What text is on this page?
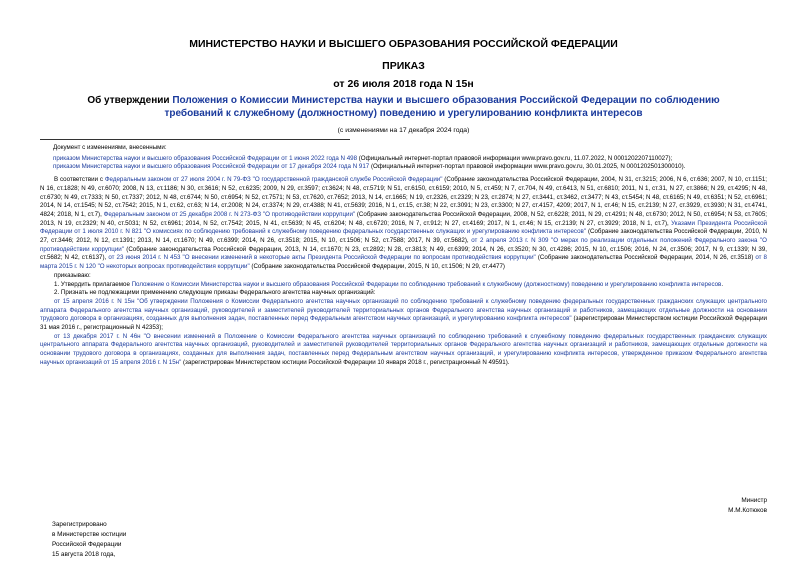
МИНИСТЕРСТВО НАУКИ И ВЫСШЕГО ОБРАЗОВАНИЯ РОССИЙСКОЙ ФЕДЕРАЦИИ
ПРИКАЗ
от 26 июля 2018 года N 15н
Об утверждении Положения о Комиссии Министерства науки и высшего образования Российской Федерации по соблюдению требований к служебному (должностному) поведению и урегулированию конфликта интересов
(с изменениями на 17 декабря 2024 года)

Документ с изменениями, внесенными:

приказом Министерства науки и высшего образования Российской Федерации от 1 июня 2022 года N 498 (Официальный интернет-портал правовой информации www.pravo.gov.ru, 11.07.2022, N 0001202207110027);

приказом Министерства науки и высшего образования Российской Федерации от 17 декабря 2024 года N 917 (Официальный интернет-портал правовой информации www.pravo.gov.ru, 30.01.2025, N 0001202501300010).

В соответствии с Федеральным законом от 27 июля 2004 г. N 79-ФЗ "О государственной гражданской службе Российской Федерации" (Собрание законодательства Российской Федерации, 2004, N 31, ст.3215; 2006, N 6, ст.636; 2007, N 10, ст.1151; N 16, ст.1828; N 49, ст.6070; 2008, N 13, ст.1186; N 30, ст.3616; N 52, ст.6235; 2009, N 29, ст.3597; ст.3624; N 48, ст.5719; N 51, ст.6150, ст.6159; 2010, N 5, ст.459; N 7, ст.704, N 49, ст.6413, N 51, ст.6810; 2011, N 1, ст.31, N 27, ст.3866; N 29, ст.4295; N 48, ст.6730; N 49, ст.7333; N 50, ст.7337; 2012, N 48, ст.6744; N 50, ст.6954; N 52, ст.7571; N 53, ст.7620, ст.7652; 2013, N 14, ст.1665; N 19, ст.2326, ст.2329; N 23, ст.2874; N 27, ст.3441, ст.3462, ст.3477; N 43, ст.5454; N 48, ст.6165; N 49, ст.6351; N 52, ст.6961; 2014, N 14, ст.1545; N 52, ст.7542; 2015, N 1, ст.62, ст.63; N 14, ст.2008; N 24, ст.3374; N 29, ст.4388; N 41, ст.5639; 2016, N 1, ст.15, ст.38; N 22, ст.3091; N 23, ст.3300; N 27, ст.4157, 4209; 2017, N 1, ст.46; N 15, ст.2139; N 27, ст.3929, ст.3930; N 31, ст.4741, 4824; 2018, N 1, ст.7), Федеральным законом от 25 декабря 2008 г. N 273-ФЗ "О противодействии коррупции" (Собрание законодательства Российской Федерации, 2008, N 52, ст.6228; 2011, N 29, ст.4291; N 48, ст.6730; 2012, N 50, ст.6954; N 53, ст.7605; 2013, N 19, ст.2329; N 40, ст.5031; N 52, ст.6961; 2014, N 52, ст.7542; 2015, N 41, ст.5639; N 45, ст.6204; N 48, ст.6720; 2016, N 7, ст.912; N 27, ст.4169; 2017, N 1, ст.46; N 15, ст.2139; N 27, ст.3929; 2018, N 1, ст.7), Указами Президента Российской Федерации от 1 июля 2010 г. N 821 "О комиссиях по соблюдению требований к служебному поведению федеральных государственных служащих и урегулированию конфликта интересов" (Собрание законодательства Российской Федерации, 2010, N 27, ст.3446; 2012, N 12, ст.1391; 2013, N 14, ст.1670; N 49, ст.6399; 2014, N 26, ст.3518; 2015, N 10, ст.1506; N 52, ст.7588; 2017, N 39, ст.5682), от 2 апреля 2013 г. N 309 "О мерах по реализации отдельных положений Федерального закона "О противодействии коррупции" (Собрание законодательства Российской Федерации, 2013, N 14, ст.1670; N 23, ст.2892; N 28, ст.3813; N 49, ст.6399; 2014, N 26, ст.3520; N 30, ст.4286; 2015, N 10, ст.1506; 2016, N 24, ст.3506; 2017, N 9, ст.1339; N 39, ст.5682; N 42, ст.6137), от 23 июня 2014 г. N 453 "О внесении изменений в некоторые акты Президента Российской Федерации по вопросам противодействия коррупции" (Собрание законодательства Российской Федерации, 2014, N 26, ст.3518) от 8 марта 2015 г. N 120 "О некоторых вопросах противодействия коррупции" (Собрание законодательства Российской Федерации, 2015, N 10, ст.1506; N 29, ст.4477)

приказываю:

1. Утвердить прилагаемое Положение о Комиссии Министерства науки и высшего образования Российской Федерации по соблюдению требований к служебному (должностному) поведению и урегулированию конфликта интересов.

2. Признать не подлежащими применению следующие приказы Федерального агентства научных организаций:

от 15 апреля 2016 г. N 15н "Об утверждении Положения о Комиссии Федерального агентства научных организаций по соблюдению требований к служебному поведению федеральных государственных гражданских служащих центрального аппарата Федерального агентства научных организаций, руководителей и заместителей руководителей территориальных органов Федерального агентства научных организаций и работников, замещающих отдельные должности на основании трудового договора в организациях, созданных для выполнения задач, поставленных перед Федеральным агентством научных организаций, и урегулированию конфликта интересов" (зарегистрирован Министерством юстиции Российской Федерации 31 мая 2016 г., регистрационный N 42353);

от 13 декабря 2017 г. N 46н "О внесении изменений в Положение о Комиссии Федерального агентства научных организаций по соблюдению требований к служебному поведению федеральных государственных гражданских служащих центрального аппарата Федерального агентства научных организаций, руководителей и заместителей руководителей территориальных органов Федерального агентства научных организаций и работников, замещающих отдельные должности на основании трудового договора в организациях, созданных для выполнения задач, поставленных перед Федеральным агентством научных организаций, и урегулированию конфликта интересов, утвержденное приказом Федерального агентства научных организаций от 15 апреля 2016 г. N 15н" (зарегистрирован Министерством юстиции Российской Федерации 10 января 2018 г., регистрационный N 49591).

Министр
М.М.Котюков
Зарегистрировано
в Министерстве юстиции
Российской Федерации
15 августа 2018 года,
